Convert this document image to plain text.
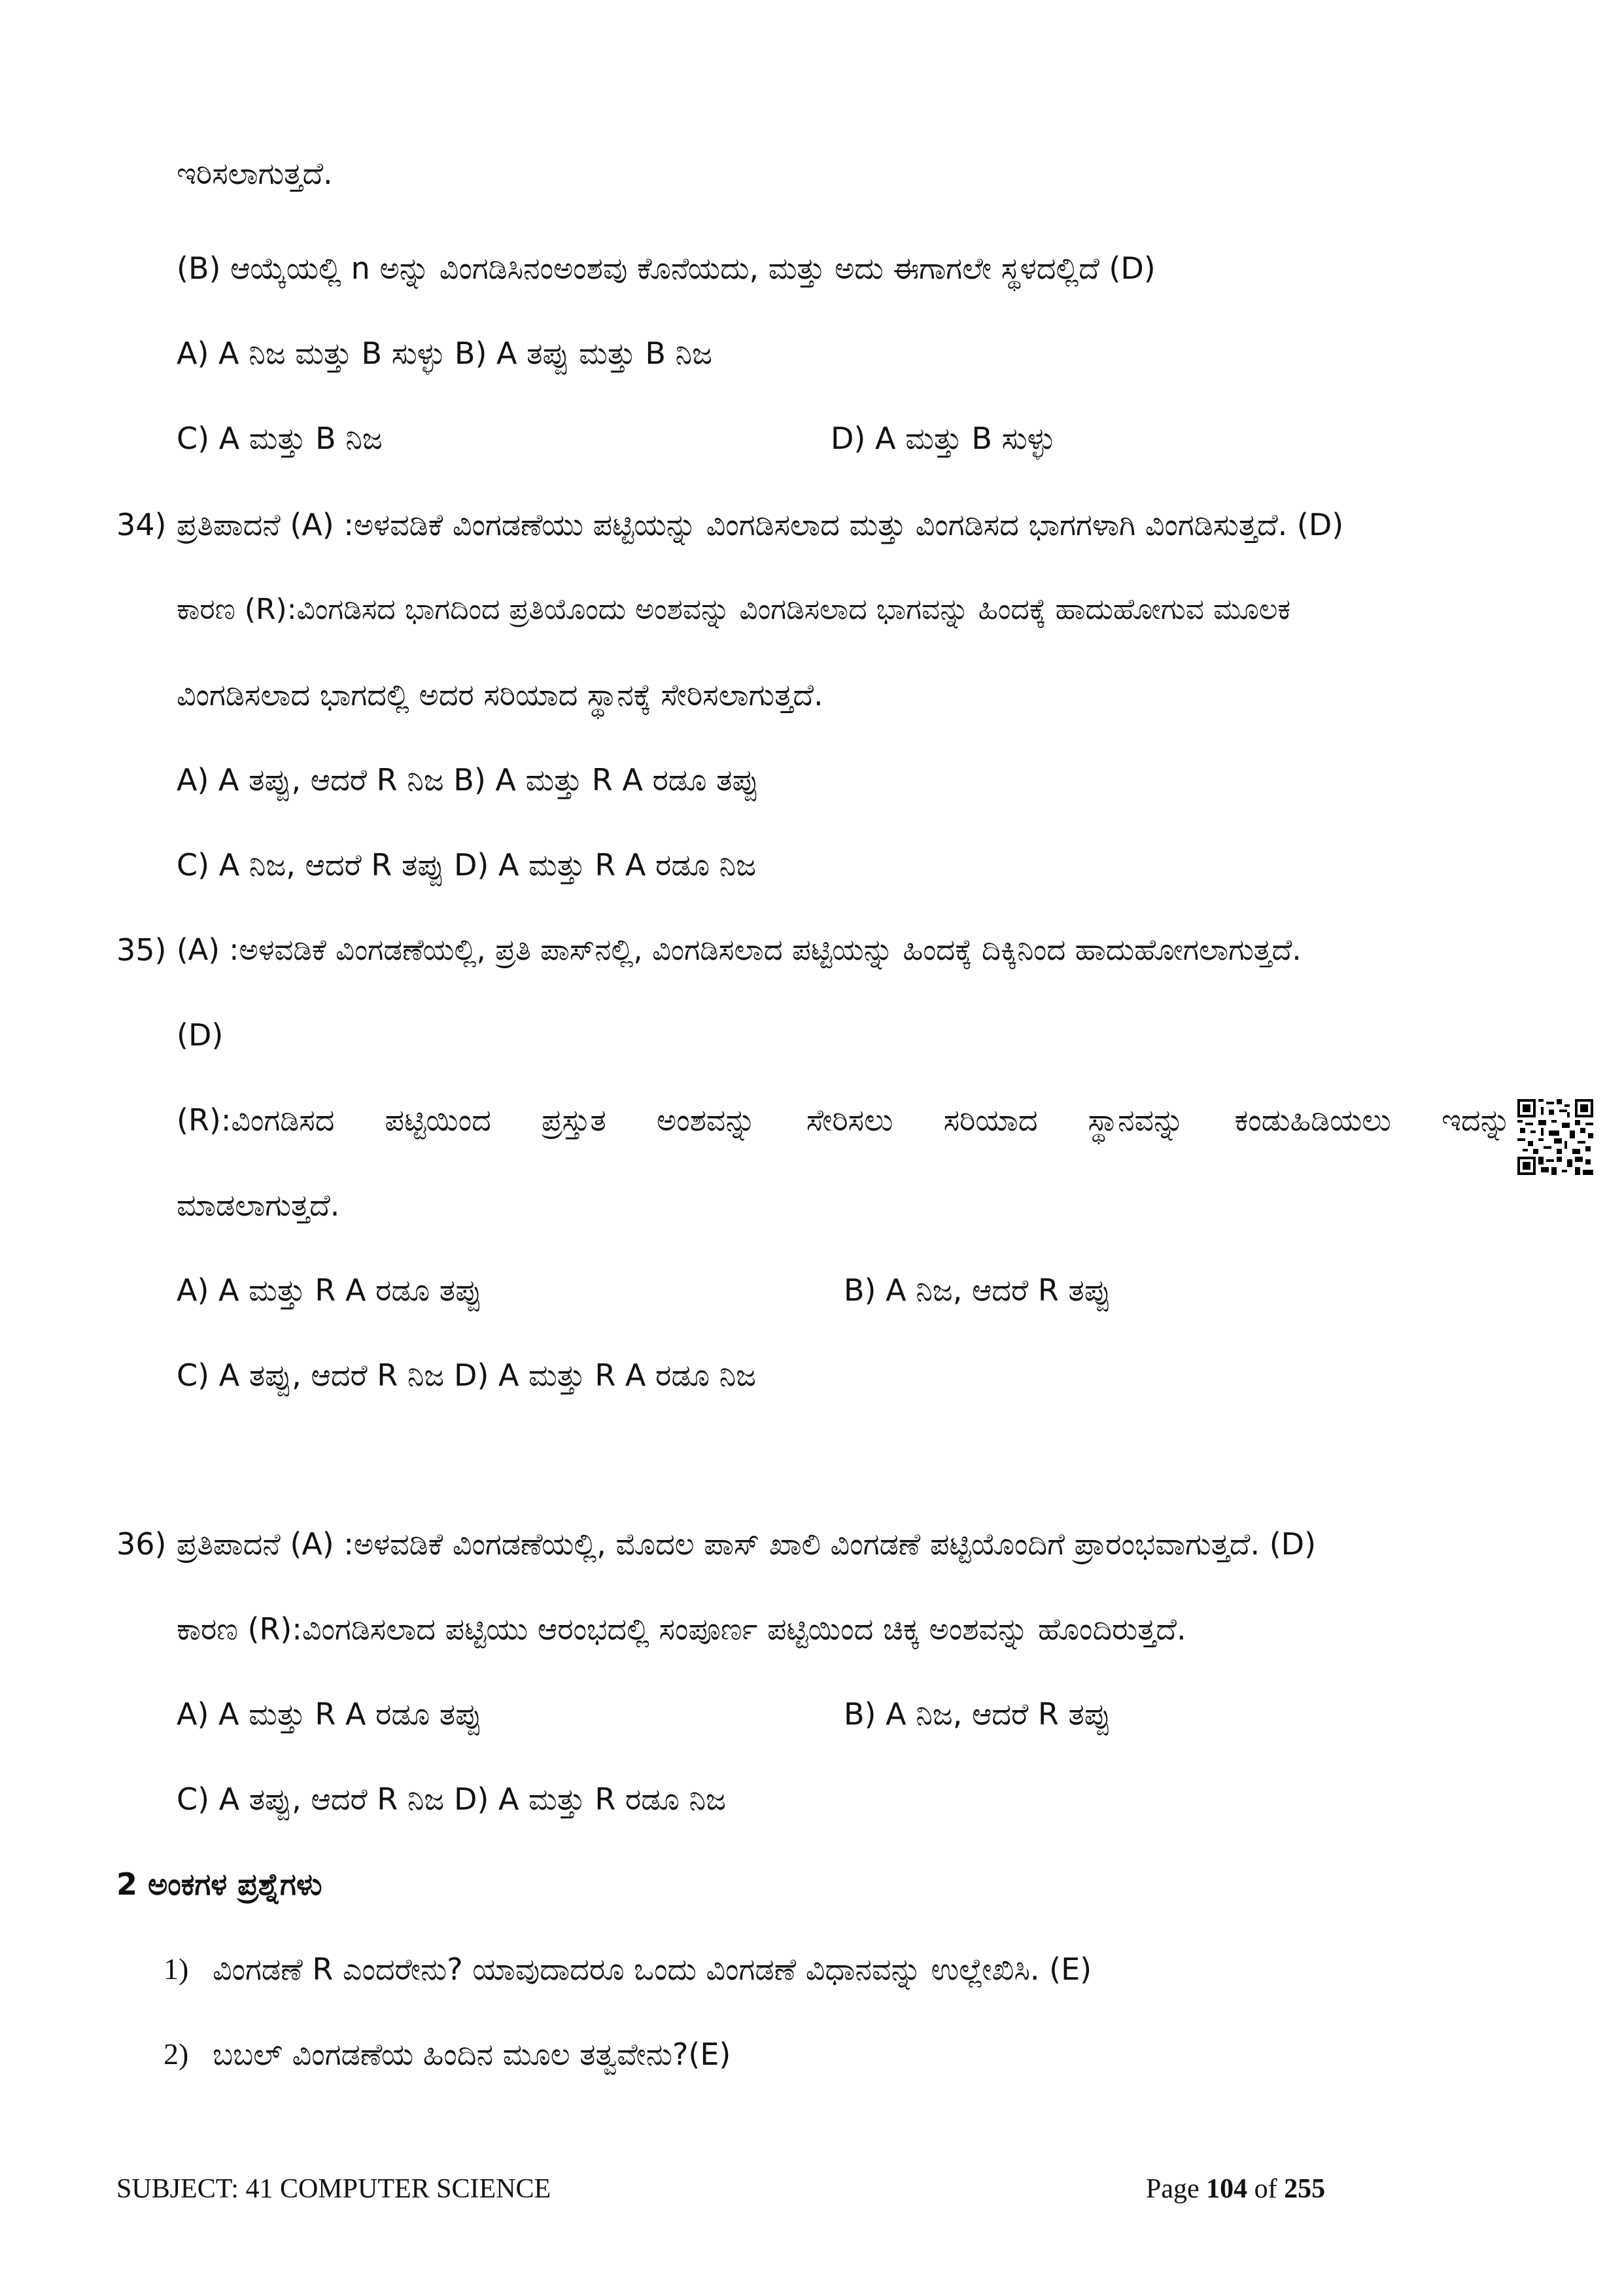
ಇರಿಸಲಾಗುತ್ತದೆ.
(B) ಆಯ್ಕೆಯಲ್ಲಿ n ಅನ್ನು ವಿಂಗಡಿಸಿನಂಅಂಶವು ಕೊನೆಯದು, ಮತ್ತು ಅದು ಈಗಾಗಲೇ ಸ್ಥಳದಲ್ಲಿದೆ (D)
A) A ನಿಜ ಮತ್ತು B ಸುಳ್ಳು B) A ತಪ್ಪು ಮತ್ತು B ನಿಜ
C) A ಮತ್ತು B ನಿಜ	D) A ಮತ್ತು B ಸುಳ್ಳು
34) ಪ್ರತಿಪಾದನೆ (A) :ಅಳವಡಿಕೆ ವಿಂಗಡಣೆಯು ಪಟ್ಟಿಯನ್ನು ವಿಂಗಡಿಸಲಾದ ಮತ್ತು ವಿಂಗಡಿಸದ ಭಾಗಗಳಾಗಿ ವಿಂಗಡಿಸುತ್ತದೆ. (D)
ಕಾರಣ (R):ವಿಂಗಡಿಸದ ಭಾಗದಿಂದ ಪ್ರತಿಯೊಂದು ಅಂಶವನ್ನು ವಿಂಗಡಿಸಲಾದ ಭಾಗವನ್ನು ಹಿಂದಕ್ಕೆ ಹಾದುಹೋಗುವ ಮೂಲಕ
ವಿಂಗಡಿಸಲಾದ ಭಾಗದಲ್ಲಿ ಅದರ ಸರಿಯಾದ ಸ್ಥಾನಕ್ಕೆ ಸೇರಿಸಲಾಗುತ್ತದೆ.
A) A ತಪ್ಪು, ಆದರೆ R ನಿಜ B) A ಮತ್ತು R A ರಡೂ ತಪ್ಪು
C) A ನಿಜ, ಆದರೆ R ತಪ್ಪು D) A ಮತ್ತು R A ರಡೂ ನಿಜ
35) (A) :ಅಳವಡಿಕೆ ವಿಂಗಡಣೆಯಲ್ಲಿ, ಪ್ರತಿ ಪಾಸ್‌ನಲ್ಲಿ, ವಿಂಗಡಿಸಲಾದ ಪಟ್ಟಿಯನ್ನು ಹಿಂದಕ್ಕೆ ದಿಕ್ಕಿನಿಂದ ಹಾದುಹೋಗಲಾಗುತ್ತದೆ.
(D)
(R):ವಿಂಗಡಿಸದ ಪಟ್ಟಿಯಿಂದ ಪ್ರಸ್ತುತ ಅಂಶವನ್ನು ಸೇರಿಸಲು ಸರಿಯಾದ ಸ್ಥಾನವನ್ನು ಕಂಡುಹಿಡಿಯಲು ಇದನ್ನು
ಮಾಡಲಾಗುತ್ತದೆ.
A) A ಮತ್ತು R A ರಡೂ ತಪ್ಪು	B) A ನಿಜ, ಆದರೆ R ತಪ್ಪು
C) A ತಪ್ಪು, ಆದರೆ R ನಿಜ D) A ಮತ್ತು R A ರಡೂ ನಿಜ
36) ಪ್ರತಿಪಾದನೆ (A) :ಅಳವಡಿಕೆ ವಿಂಗಡಣೆಯಲ್ಲಿ, ಮೊದಲ ಪಾಸ್ ಖಾಲಿ ವಿಂಗಡಣೆ ಪಟ್ಟಿಯೊಂದಿಗೆ ಪ್ರಾರಂಭವಾಗುತ್ತದೆ. (D)
ಕಾರಣ (R):ವಿಂಗಡಿಸಲಾದ ಪಟ್ಟಿಯು ಆರಂಭದಲ್ಲಿ ಸಂಪೂರ್ಣ ಪಟ್ಟಿಯಿಂದ ಚಿಕ್ಕ ಅಂಶವನ್ನು ಹೊಂದಿರುತ್ತದೆ.
A) A ಮತ್ತು R A ರಡೂ ತಪ್ಪು	B) A ನಿಜ, ಆದರೆ R ತಪ್ಪು
C) A ತಪ್ಪು, ಆದರೆ R ನಿಜ D) A ಮತ್ತು R ರಡೂ ನಿಜ
2 ಅಂಕಗಳ ಪ್ರಶ್ನೆಗಳು
1) ವಿಂಗಡಣೆ R ಎಂದರೇನು? ಯಾವುದಾದರೂ ಒಂದು ವಿಂಗಡಣೆ ವಿಧಾನವನ್ನು ಉಲ್ಲೇಖಿಸಿ. (E)
2) ಬಬಲ್ ವಿಂಗಡಣೆಯ ಹಿಂದಿನ ಮೂಲ ತತ್ವವೇನು?(E)
SUBJECT: 41 COMPUTER SCIENCE	Page 104 of 255
